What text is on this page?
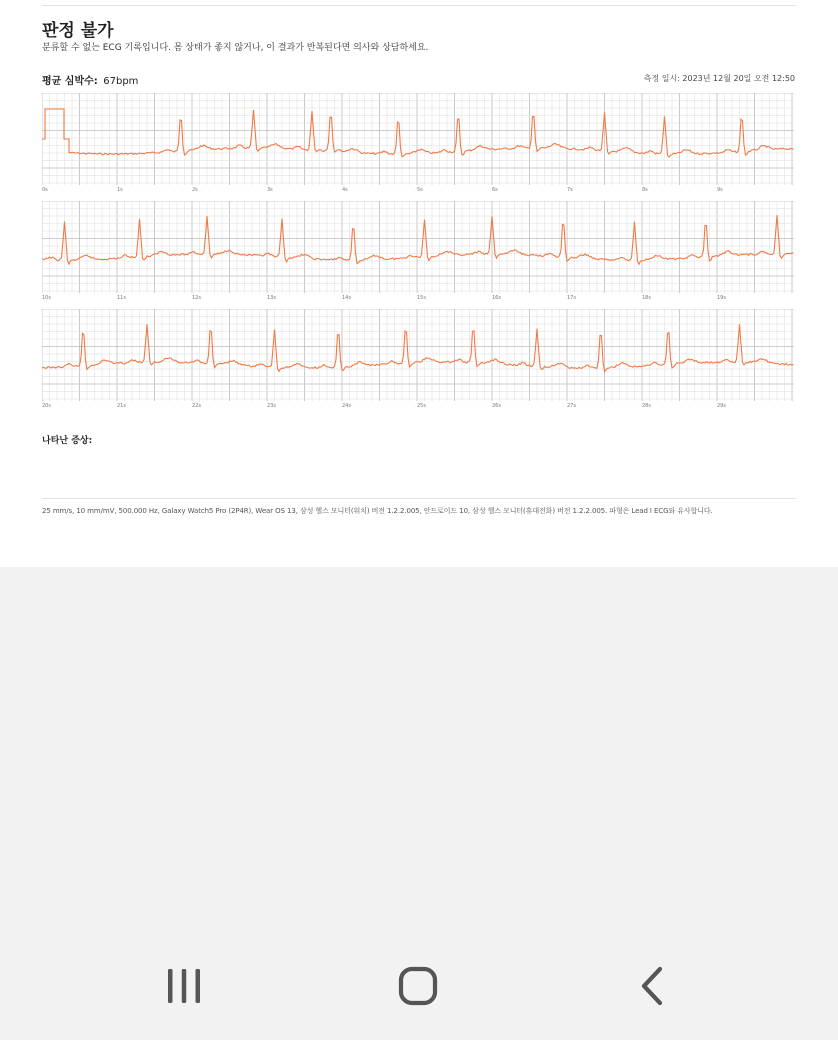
판정 불가
분류할 수 없는 ECG 기록입니다. 몸 상태가 좋지 않거나, 이 결과가 반복된다면 의사와 상담하세요.
평균 심박수: 67bpm	측정 일시: 2023년 12월 20일 오전 12:50
0s	1s	2s	3s	4s	5s	6s	7s	8s	9s
10s	11s	12s	13s	14s	15s	16s	17s	18s	19s
20s	21s	22s	23s	24s	25s	26s	27s	28s	29s
나타난 증상:
25 mm/s, 10 mm/mV, 500.000 Hz, Galaxy Watch5 Pro (2P4R), Wear OS 13, 삼성 헬스 모니터(워치) 버전 1.2.2.005, 안드로이드 10, 삼성 헬스 모니터(휴대전화) 버전 1.2.2.005. 파형은 Lead I ECG와 유사합니다.
